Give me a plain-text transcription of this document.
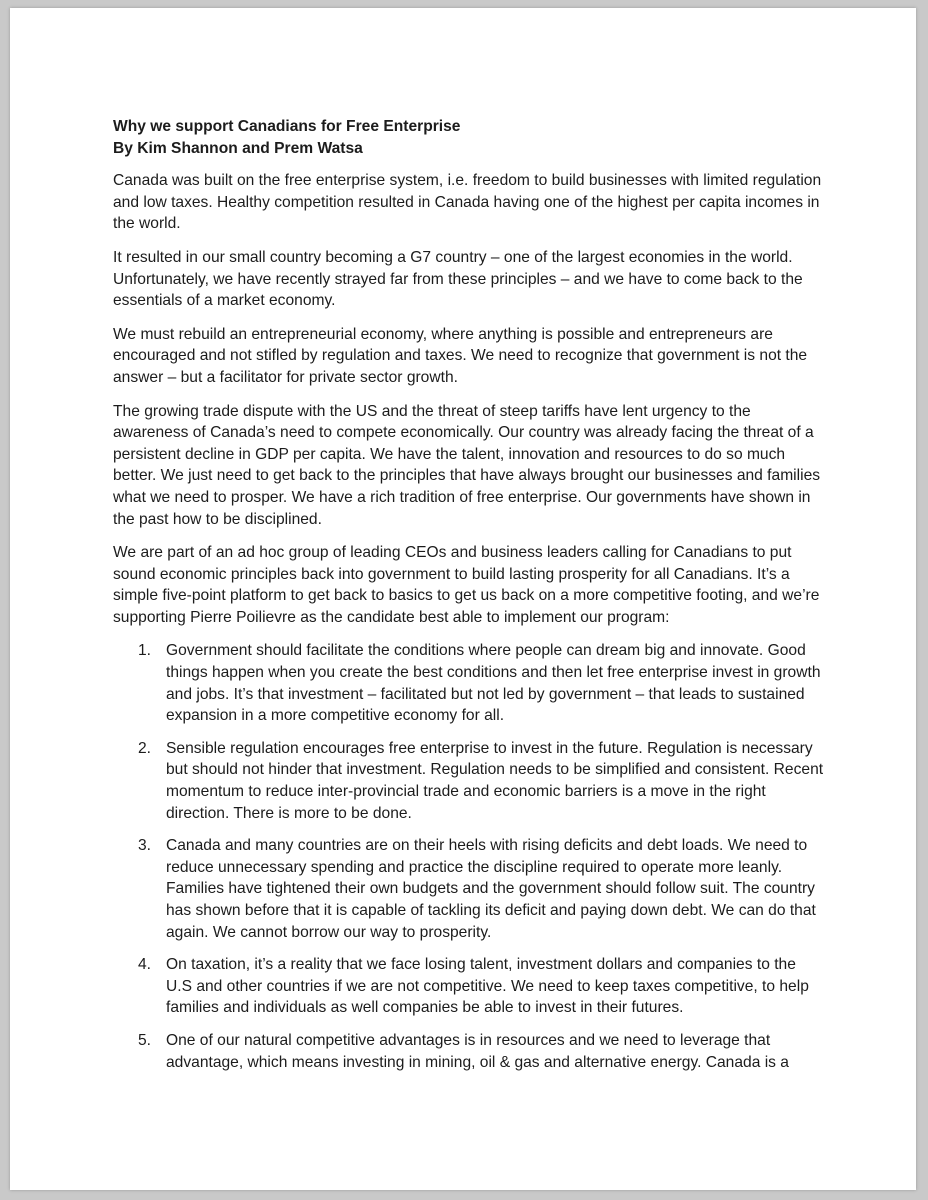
Why we support Canadians for Free Enterprise
By Kim Shannon and Prem Watsa

Canada was built on the free enterprise system, i.e. freedom to build businesses with limited regulation and low taxes. Healthy competition resulted in Canada having one of the highest per capita incomes in the world.

It resulted in our small country becoming a G7 country – one of the largest economies in the world. Unfortunately, we have recently strayed far from these principles – and we have to come back to the essentials of a market economy.

We must rebuild an entrepreneurial economy, where anything is possible and entrepreneurs are encouraged and not stifled by regulation and taxes. We need to recognize that government is not the answer – but a facilitator for private sector growth.

The growing trade dispute with the US and the threat of steep tariffs have lent urgency to the awareness of Canada’s need to compete economically. Our country was already facing the threat of a persistent decline in GDP per capita. We have the talent, innovation and resources to do so much better. We just need to get back to the principles that have always brought our businesses and families what we need to prosper. We have a rich tradition of free enterprise. Our governments have shown in the past how to be disciplined.

We are part of an ad hoc group of leading CEOs and business leaders calling for Canadians to put sound economic principles back into government to build lasting prosperity for all Canadians. It’s a simple five-point platform to get back to basics to get us back on a more competitive footing, and we’re supporting Pierre Poilievre as the candidate best able to implement our program:

1. Government should facilitate the conditions where people can dream big and innovate. Good things happen when you create the best conditions and then let free enterprise invest in growth and jobs. It’s that investment – facilitated but not led by government – that leads to sustained expansion in a more competitive economy for all.
2. Sensible regulation encourages free enterprise to invest in the future. Regulation is necessary but should not hinder that investment. Regulation needs to be simplified and consistent. Recent momentum to reduce inter-provincial trade and economic barriers is a move in the right direction. There is more to be done.
3. Canada and many countries are on their heels with rising deficits and debt loads. We need to reduce unnecessary spending and practice the discipline required to operate more leanly. Families have tightened their own budgets and the government should follow suit. The country has shown before that it is capable of tackling its deficit and paying down debt. We can do that again. We cannot borrow our way to prosperity.
4. On taxation, it’s a reality that we face losing talent, investment dollars and companies to the U.S and other countries if we are not competitive. We need to keep taxes competitive, to help families and individuals as well companies be able to invest in their futures.
5. One of our natural competitive advantages is in resources and we need to leverage that advantage, which means investing in mining, oil & gas and alternative energy. Canada is a
